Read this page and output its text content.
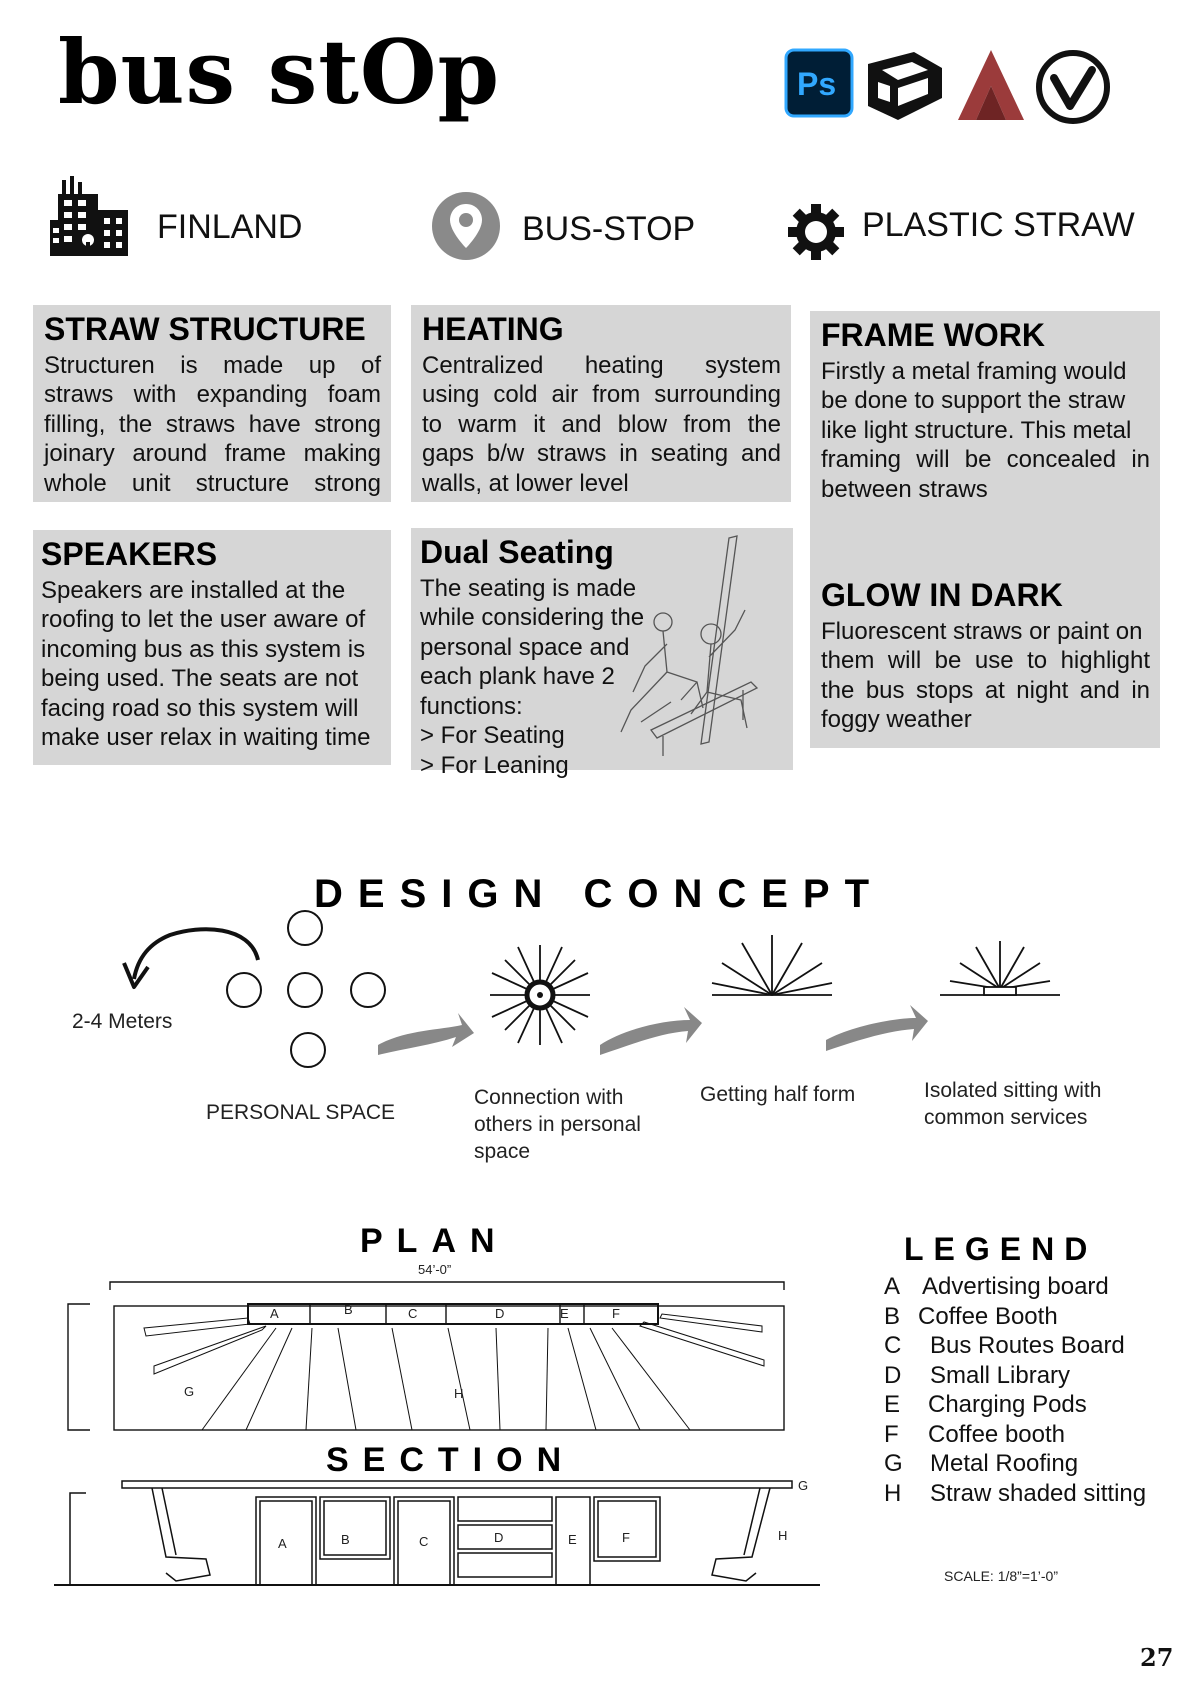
bus stOp	Ps
FINLAND	BUS-STOP	PLASTIC STRAW
STRAW STRUCTURE

Structuren is made up of

straws with expanding foam

filling, the straws have strong

joinary around frame making

whole unit structure strong

HEATING

Centralized heating system

using cold air from surrounding

to warm it and blow from the

gaps b/w straws in seating and

walls, at lower level

FRAME WORK

Firstly a metal framing would

be done to support the straw

like light structure. This metal

framing will be concealed in

between straws

GLOW IN DARK

Fluorescent straws or paint on

them will be use to highlight

the bus stops at night and in

foggy weather

SPEAKERS

Speakers are installed at the

roofing to let the user aware of

incoming bus as this system is

being used. The seats are not

facing road so this system will

make user relax in waiting time

Dual Seating

The seating is made

while considering the

personal space and

each plank have 2

functions:

> For Seating

> For Leaning

DESIGN CONCEPT
2-4 Meters
PERSONAL SPACE
Connection with
others in personal
space
Getting half form	Isolated sitting with
common services
PLAN
54’-0”
A	B	C	D	E	F
G	H
SECTION
A	B	C	D	E	F
G
H
LEGEND
A Advertising board
B Coffee Booth
C	Bus Routes Board
D	Small Library
E	Charging Pods
F	Coffee booth
G	Metal Roofing
H	Straw shaded sitting
SCALE: 1/8”=1’-0”
27
